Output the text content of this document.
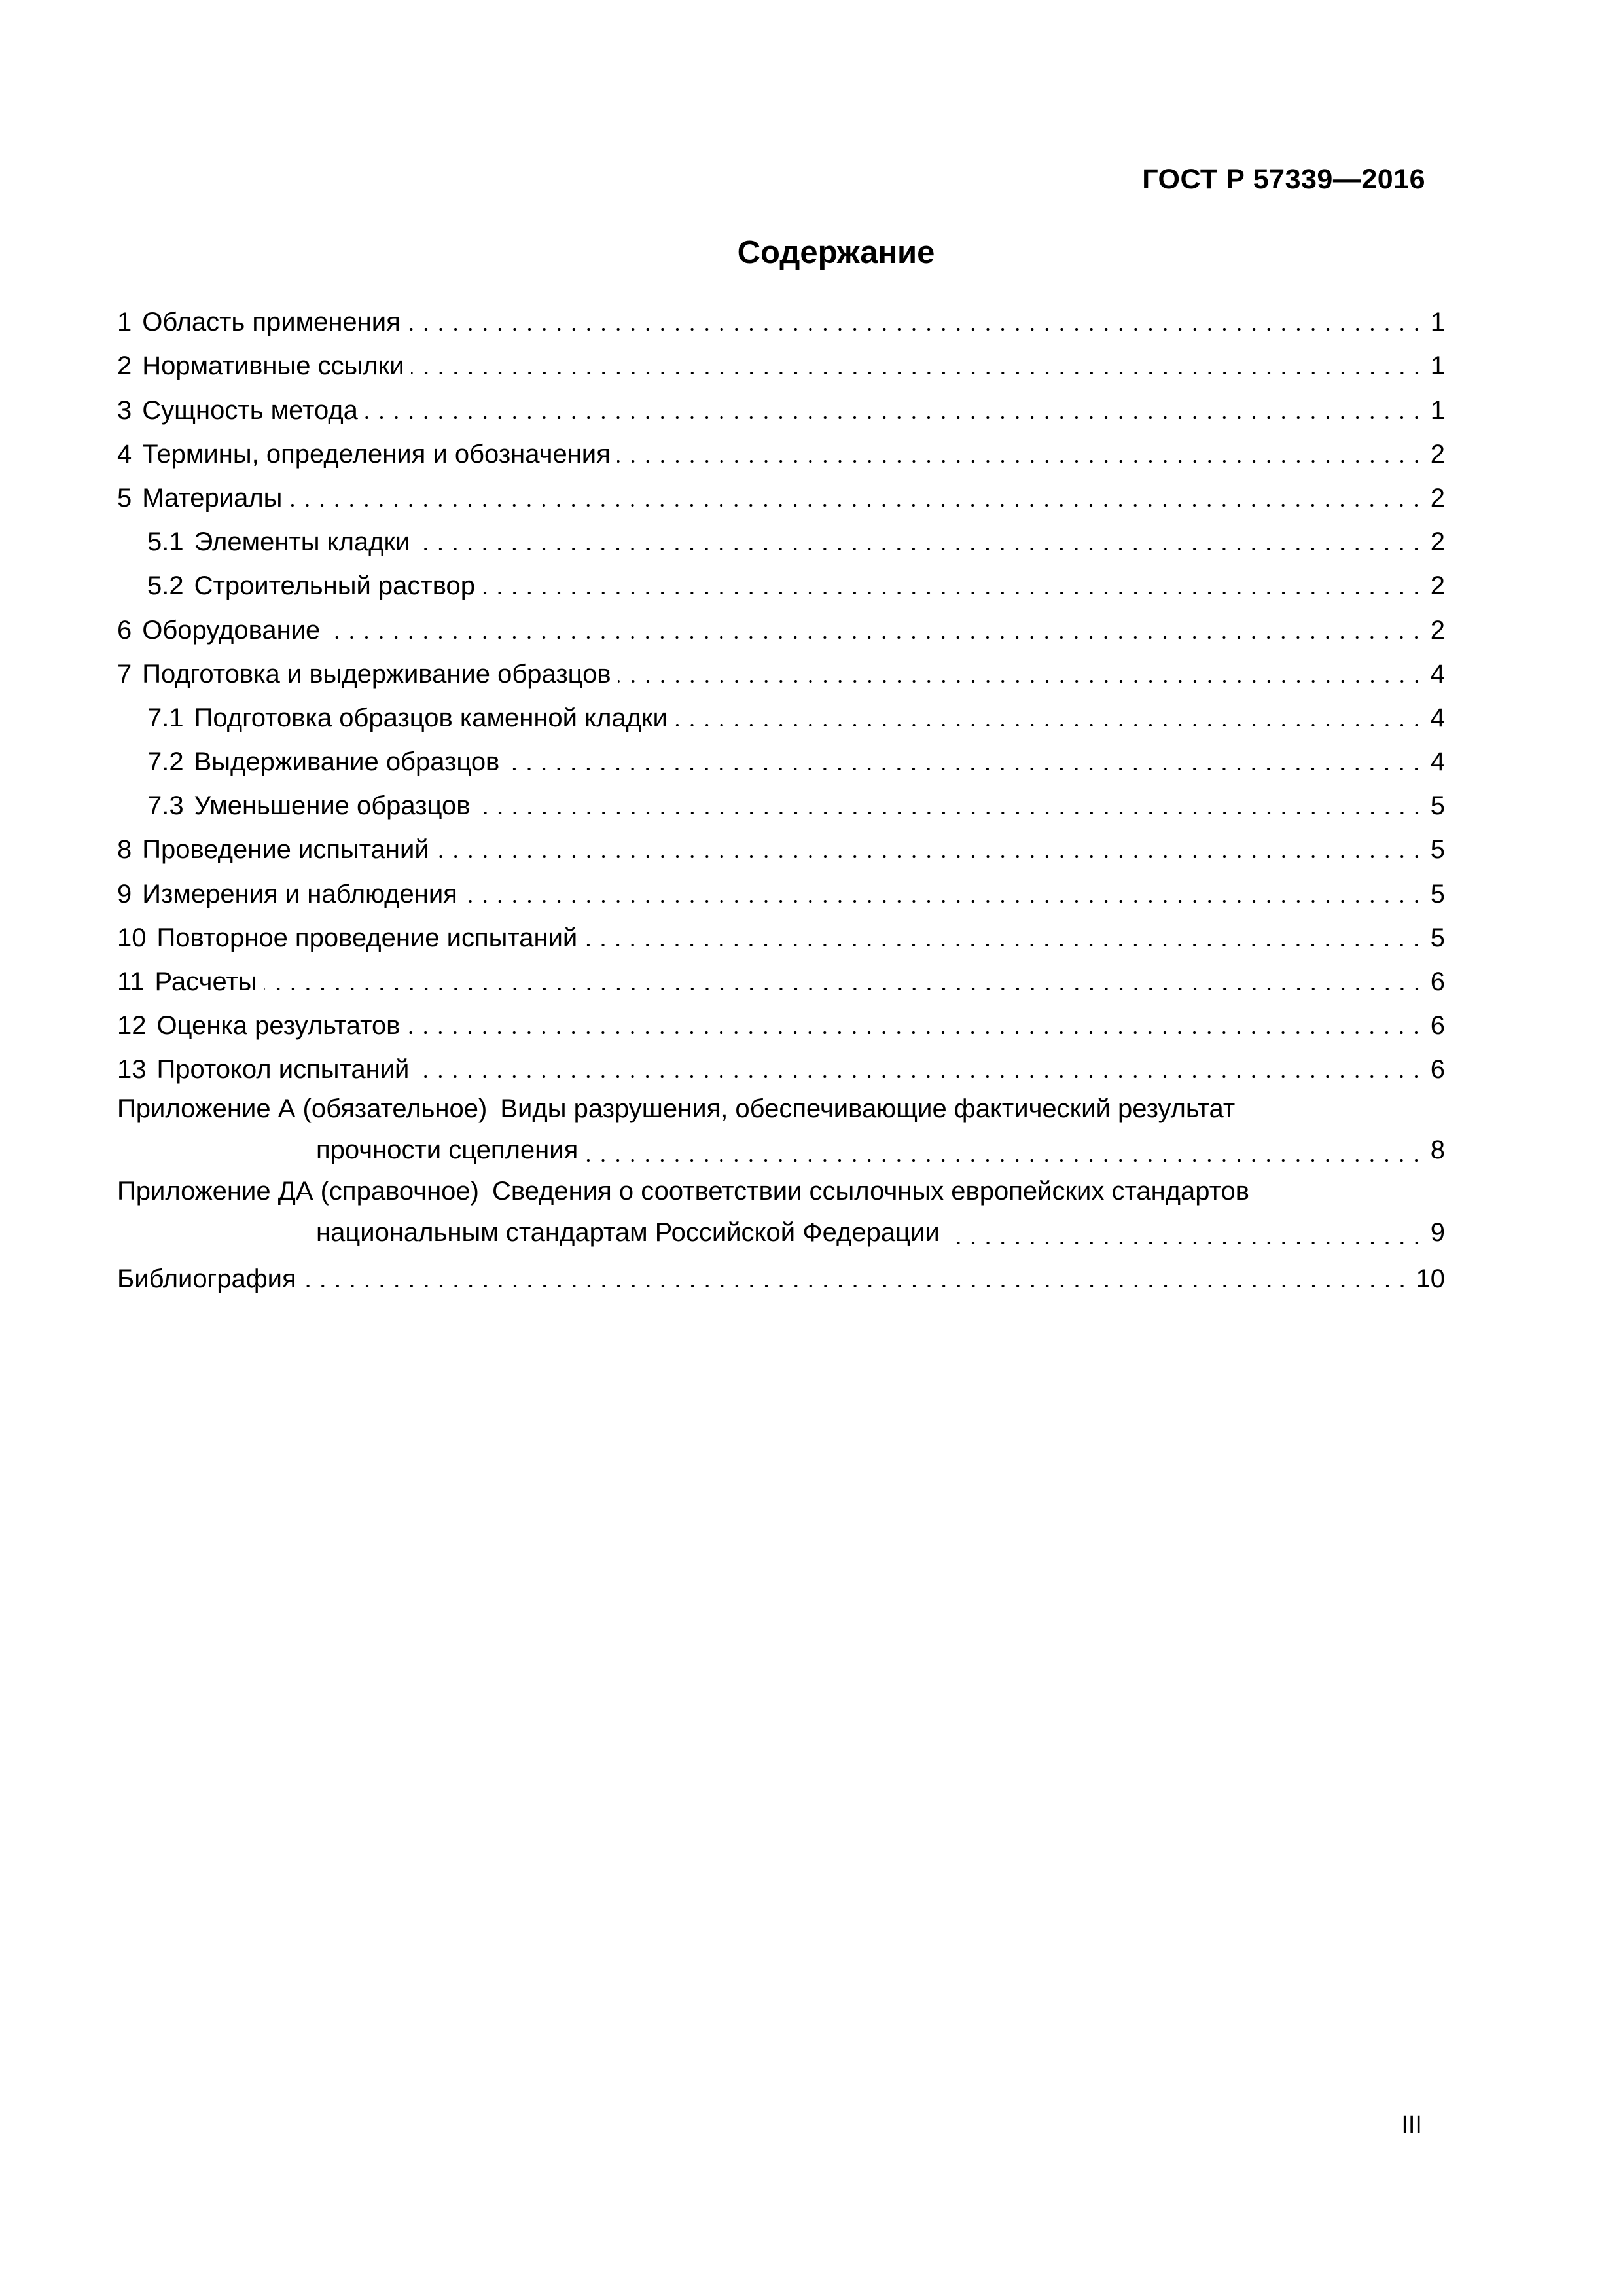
ГОСТ Р 57339—2016
Содержание
1 Область применения	1
2 Нормативные ссылки	1
3 Сущность метода	1
4 Термины, определения и обозначения	2
5 Материалы	2
5.1 Элементы кладки	2
5.2 Строительный раствор	2
6 Оборудование	2
7 Подготовка и выдерживание образцов	4
7.1 Подготовка образцов каменной кладки	4
7.2 Выдерживание образцов	4
7.3 Уменьшение образцов	5
8 Проведение испытаний	5
9 Измерения и наблюдения	5
10 Повторное проведение испытаний	5
11 Расчеты	6
12 Оценка результатов	6
13 Протокол испытаний	6
Приложение А (обязательное) Виды разрушения, обеспечивающие фактический результат
прочности сцепления	8
Приложение ДА (справочное) Сведения о соответствии ссылочных европейских стандартов
национальным стандартам Российской Федерации	9
Библиография	10
III
